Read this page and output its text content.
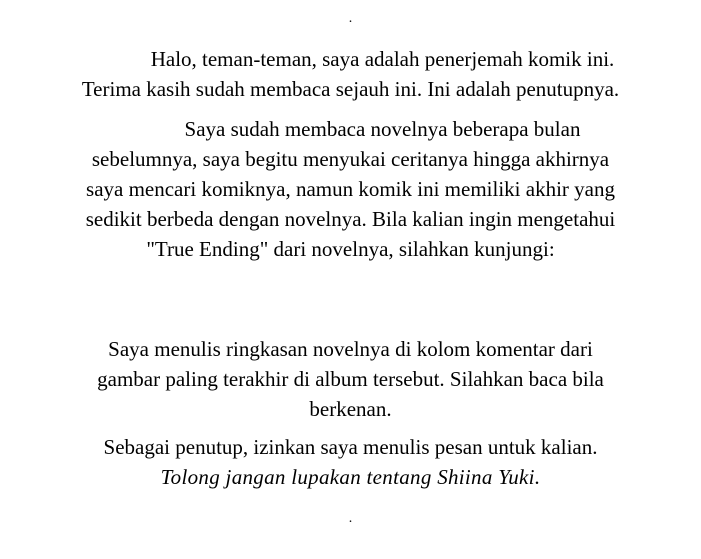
.
Halo, teman-teman, saya adalah penerjemah komik ini.
Terima kasih sudah membaca sejauh ini. Ini adalah penutupnya.
Saya sudah membaca novelnya beberapa bulan
sebelumnya, saya begitu menyukai ceritanya hingga akhirnya
saya mencari komiknya, namun komik ini memiliki akhir yang
sedikit berbeda dengan novelnya. Bila kalian ingin mengetahui
"True Ending" dari novelnya, silahkan kunjungi:
Saya menulis ringkasan novelnya di kolom komentar dari
gambar paling terakhir di album tersebut. Silahkan baca bila
berkenan.
Sebagai penutup, izinkan saya menulis pesan untuk kalian.
Tolong jangan lupakan tentang Shiina Yuki.
.
